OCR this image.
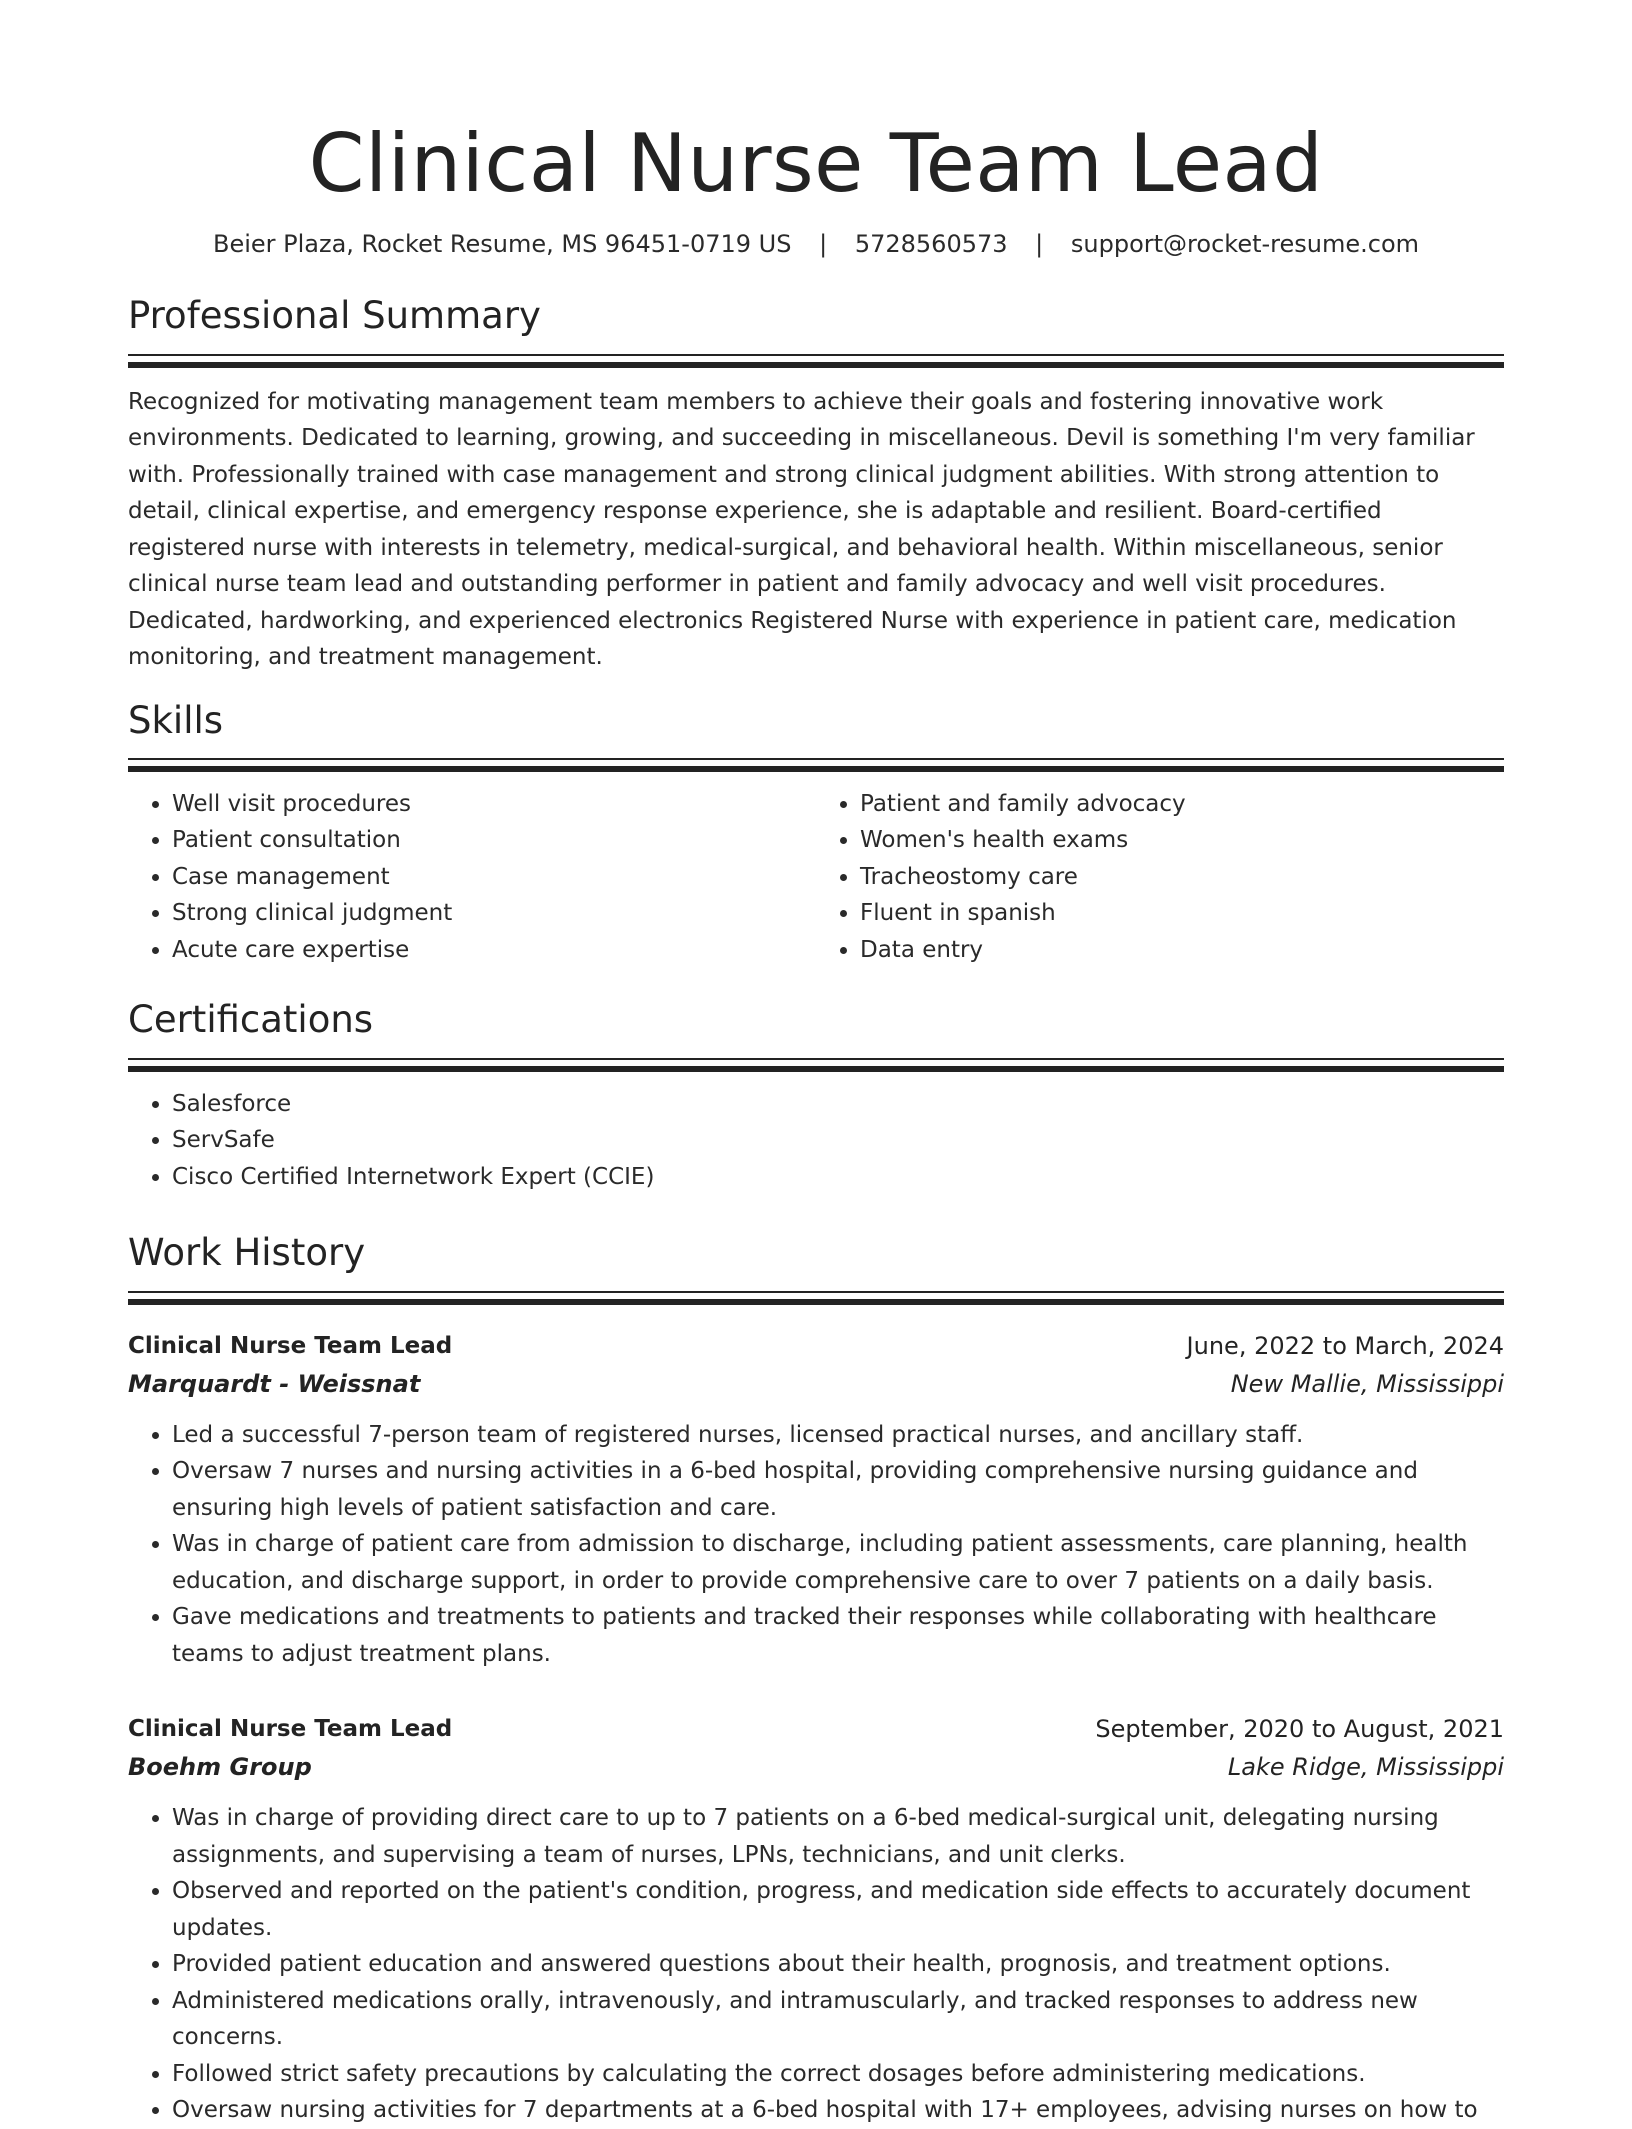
Clinical Nurse Team Lead
Beier Plaza, Rocket Resume, MS 96451-0719 US | 5728560573 | support@rocket-resume.com
Professional Summary

Recognized for motivating management team members to achieve their goals and fostering innovative work environments. Dedicated to learning, growing, and succeeding in miscellaneous. Devil is something I'm very familiar with. Professionally trained with case management and strong clinical judgment abilities. With strong attention to detail, clinical expertise, and emergency response experience, she is adaptable and resilient. Board-certified registered nurse with interests in telemetry, medical-surgical, and behavioral health. Within miscellaneous, senior clinical nurse team lead and outstanding performer in patient and family advocacy and well visit procedures. Dedicated, hardworking, and experienced electronics Registered Nurse with experience in patient care, medication monitoring, and treatment management.

Skills
• Well visit procedures
• Patient consultation
• Case management
• Strong clinical judgment
• Acute care expertise
• Patient and family advocacy
• Women's health exams
• Tracheostomy care
• Fluent in spanish
• Data entry
Certifications
• Salesforce
• ServSafe
• Cisco Certified Internetwork Expert (CCIE)
Work History
Clinical Nurse Team Lead	June, 2022 to March, 2024
Marquardt - Weissnat	New Mallie, Mississippi
• Led a successful 7-person team of registered nurses, licensed practical nurses, and ancillary staff.
• Oversaw 7 nurses and nursing activities in a 6-bed hospital, providing comprehensive nursing guidance and ensuring high levels of patient satisfaction and care.
• Was in charge of patient care from admission to discharge, including patient assessments, care planning, health education, and discharge support, in order to provide comprehensive care to over 7 patients on a daily basis.
• Gave medications and treatments to patients and tracked their responses while collaborating with healthcare teams to adjust treatment plans.
Clinical Nurse Team Lead	September, 2020 to August, 2021
Boehm Group	Lake Ridge, Mississippi
• Was in charge of providing direct care to up to 7 patients on a 6-bed medical-surgical unit, delegating nursing assignments, and supervising a team of nurses, LPNs, technicians, and unit clerks.
• Observed and reported on the patient's condition, progress, and medication side effects to accurately document updates.
• Provided patient education and answered questions about their health, prognosis, and treatment options.
• Administered medications orally, intravenously, and intramuscularly, and tracked responses to address new concerns.
• Followed strict safety precautions by calculating the correct dosages before administering medications.
• Oversaw nursing activities for 7 departments at a 6-bed hospital with 17+ employees, advising nurses on how to
